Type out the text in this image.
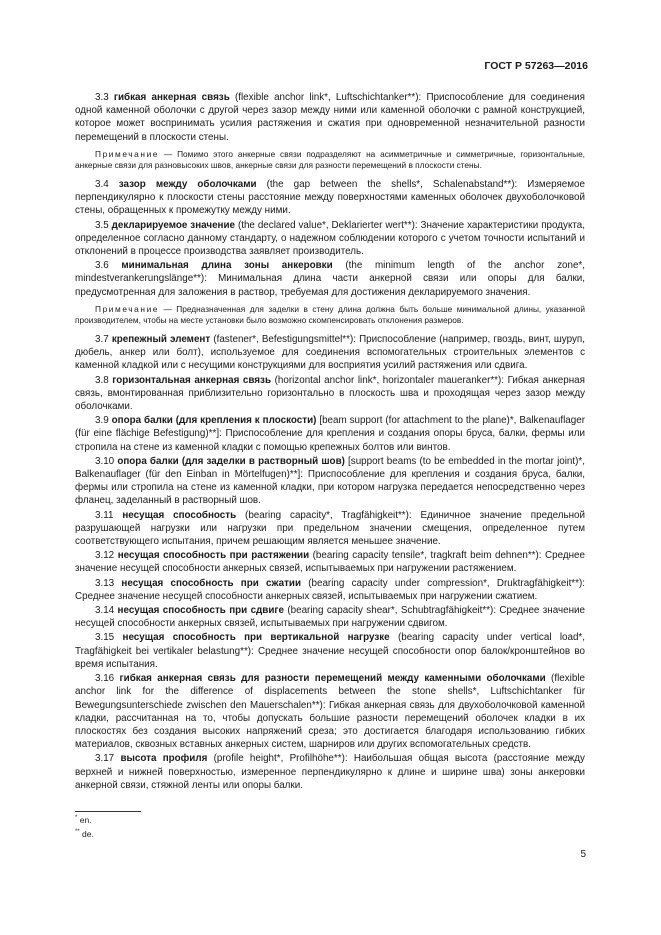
ГОСТ Р 57263—2016

3.3 гибкая анкерная связь (flexible anchor link*, Luftschichtanker**): Приспособление для соединения одной каменной оболочки с другой через зазор между ними или каменной оболочки с рамной конструкцией, которое может воспринимать усилия растяжения и сжатия при одновременной незначительной разности перемещений в плоскости стены.

Примечание — Помимо этого анкерные связи подразделяют на асимметричные и симметричные, горизонтальные, анкерные связи для разновысоких швов, анкерные связи для разности перемещений в плоскости стены.

3.4 зазор между оболочками (the gap between the shells*, Schalenabstand**): Измеряемое перпендикулярно к плоскости стены расстояние между поверхностями каменных оболочек двухоболочковой стены, обращенных к промежутку между ними.

3.5 декларируемое значение (the declared value*, Deklarierter wert**): Значение характеристики продукта, определенное согласно данному стандарту, о надежном соблюдении которого с учетом точности испытаний и отклонений в процессе производства заявляет производитель.

3.6 минимальная длина зоны анкеровки (the minimum length of the anchor zone*, mindestverankerungslänge**): Минимальная длина части анкерной связи или опоры для балки, предусмотренная для заложения в раствор, требуемая для достижения декларируемого значения.

Примечание — Предназначенная для заделки в стену длина должна быть больше минимальной длины, указанной производителем, чтобы на месте установки было возможно скомпенсировать отклонения размеров.

3.7 крепежный элемент (fastener*, Befestigungsmittel**): Приспособление (например, гвоздь, винт, шуруп, дюбель, анкер или болт), используемое для соединения вспомогательных строительных элементов с каменной кладкой или с несущими конструкциями для восприятия усилий растяжения или сдвига.

3.8 горизонтальная анкерная связь (horizontal anchor link*, horizontaler maueranker**): Гибкая анкерная связь, вмонтированная приблизительно горизонтально в плоскость шва и проходящая через зазор между оболочками.

3.9 опора балки (для крепления к плоскости) [beam support (for attachment to the plane)*, Balkenauflager (für eine flächige Befestigung)**]: Приспособление для крепления и создания опоры бруса, балки, фермы или стропила на стене из каменной кладки с помощью крепежных болтов или винтов.

3.10 опора балки (для заделки в растворный шов) [support beams (to be embedded in the mortar joint)*, Balkenauflager (für den Einban in Mörtelfugen)**]: Приспособление для крепления и создания бруса, балки, фермы или стропила на стене из каменной кладки, при котором нагрузка передается непосредственно через фланец, заделанный в растворный шов.

3.11 несущая способность (bearing capacity*, Tragfähigkeit**): Единичное значение предельной разрушающей нагрузки или нагрузки при предельном значении смещения, определенное путем соответствующего испытания, причем решающим является меньшее значение.

3.12 несущая способность при растяжении (bearing capacity tensile*, tragkraft beim dehnen**): Среднее значение несущей способности анкерных связей, испытываемых при нагружении растяжением.

3.13 несущая способность при сжатии (bearing capacity under compression*, Druktragfähigkeit**): Среднее значение несущей способности анкерных связей, испытываемых при нагружении сжатием.

3.14 несущая способность при сдвиге (bearing capacity shear*, Schubtragfähigkeit**): Среднее значение несущей способности анкерных связей, испытываемых при нагружении сдвигом.

3.15 несущая способность при вертикальной нагрузке (bearing capacity under vertical load*, Tragfähigkeit bei vertikaler belastung**): Среднее значение несущей способности опор балок/кронштейнов во время испытания.

3.16 гибкая анкерная связь для разности перемещений между каменными оболочками (flexible anchor link for the difference of displacements between the stone shells*, Luftschichtanker für Bewegungsunterschiede zwischen den Mauerschalen**): Гибкая анкерная связь для двухоболочковой каменной кладки, рассчитанная на то, чтобы допускать большие разности перемещений оболочек кладки в их плоскостях без создания высоких напряжений среза; это достигается благодаря использованию гибких материалов, сквозных вставных анкерных систем, шарниров или других вспомогательных средств.

3.17 высота профиля (profile height*, Profilhöhe**): Наибольшая общая высота (расстояние между верхней и нижней поверхностью, измеренное перпендикулярно к длине и ширине шва) зоны анкеровки анкерной связи, стяжной ленты или опоры балки.

* en.
** de.
5
